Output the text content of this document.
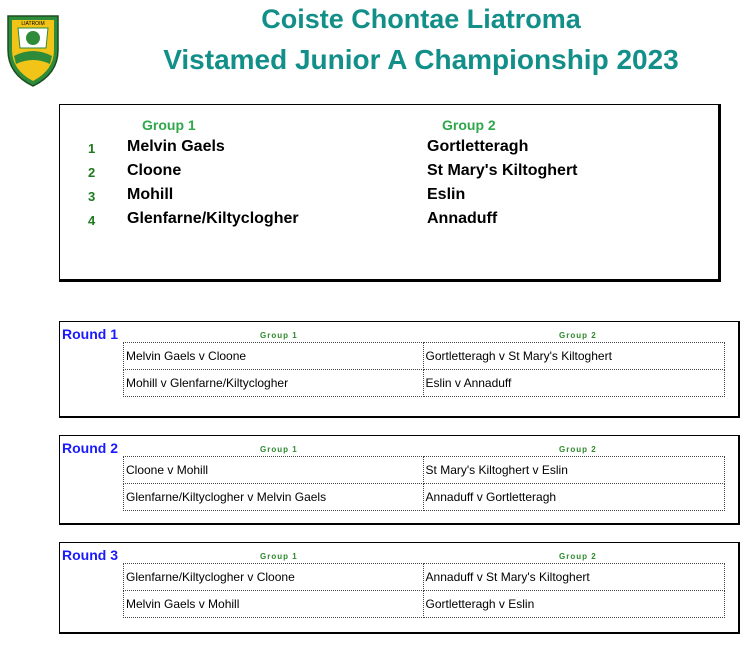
LIATROIM	Coiste Chontae Liatroma
Vistamed Junior A Championship 2023
Group 1	Group 2
1 Melvin Gaels	Gortletteragh
2 Cloone	St Mary's Kiltoghert
3 Mohill	Eslin
4 Glenfarne/Kiltyclogher	Annaduff
Round 1	Group 1	Group 2
Melvin Gaels v Cloone	Gortletteragh v St Mary's Kiltoghert
Mohill v Glenfarne/Kiltyclogher	Eslin v Annaduff
Round 2	Group 1	Group 2
Cloone v Mohill	St Mary's Kiltoghert v Eslin
Glenfarne/Kiltyclogher v Melvin Gaels	Annaduff v Gortletteragh
Round 3	Group 1	Group 2
Glenfarne/Kiltyclogher v Cloone	Annaduff v St Mary's Kiltoghert
Melvin Gaels v Mohill	Gortletteragh v Eslin
